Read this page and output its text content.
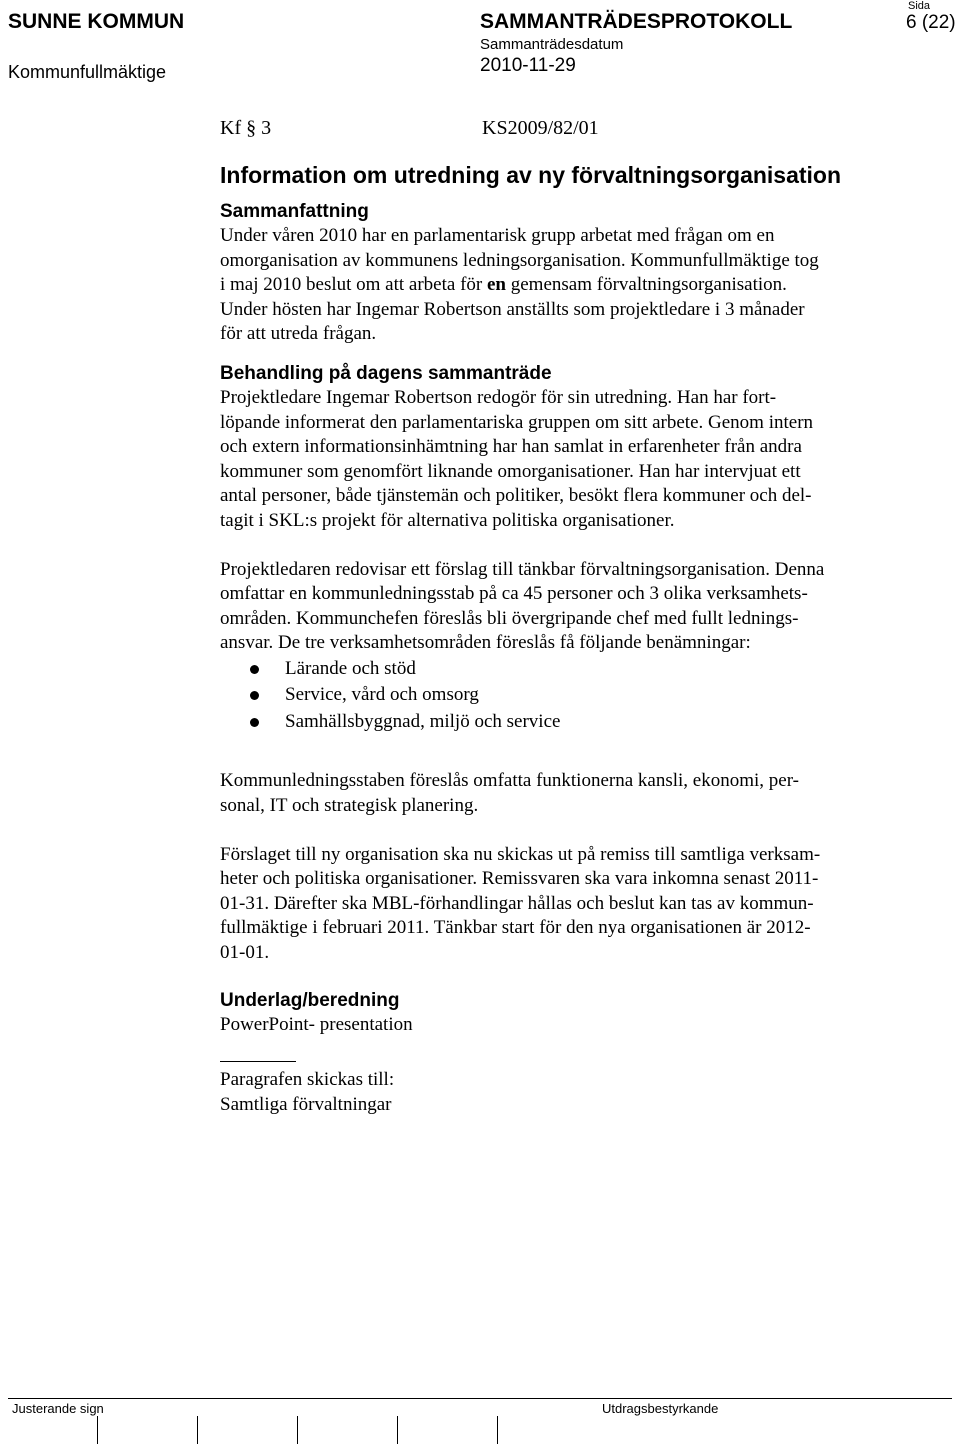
SUNNE KOMMUN
Kommunfullmäktige
SAMMANTRÄDESPROTOKOLL
Sammanträdesdatum
2010-11-29
Sida
6 (22)
Kf § 3	KS2009/82/01
Information om utredning av ny förvaltningsorganisation
Sammanfattning

Under våren 2010 har en parlamentarisk grupp arbetat med frågan om en

omorganisation av kommunens ledningsorganisation. Kommunfullmäktige tog

i maj 2010 beslut om att arbeta för en gemensam förvaltningsorganisation.

Under hösten har Ingemar Robertson anställts som projektledare i 3 månader

för att utreda frågan.

Behandling på dagens sammanträde

Projektledare Ingemar Robertson redogör för sin utredning. Han har fort-

löpande informerat den parlamentariska gruppen om sitt arbete. Genom intern

och extern informationsinhämtning har han samlat in erfarenheter från andra

kommuner som genomfört liknande omorganisationer. Han har intervjuat ett

antal personer, både tjänstemän och politiker, besökt flera kommuner och del-

tagit i SKL:s projekt för alternativa politiska organisationer.

Projektledaren redovisar ett förslag till tänkbar förvaltningsorganisation. Denna

omfattar en kommunledningsstab på ca 45 personer och 3 olika verksamhets-

områden. Kommunchefen föreslås bli övergripande chef med fullt lednings-

ansvar. De tre verksamhetsområden föreslås få följande benämningar:

Lärande och stöd
Service, vård och omsorg
Samhällsbyggnad, miljö och service

Kommunledningsstaben föreslås omfatta funktionerna kansli, ekonomi, per-

sonal, IT och strategisk planering.

Förslaget till ny organisation ska nu skickas ut på remiss till samtliga verksam-

heter och politiska organisationer. Remissvaren ska vara inkomna senast 2011-

01-31. Därefter ska MBL-förhandlingar hållas och beslut kan tas av kommun-

fullmäktige i februari 2011. Tänkbar start för den nya organisationen är 2012-

01-01.

Underlag/beredning

PowerPoint- presentation

Paragrafen skickas till:

Samtliga förvaltningar

Justerande sign	Utdragsbestyrkande
